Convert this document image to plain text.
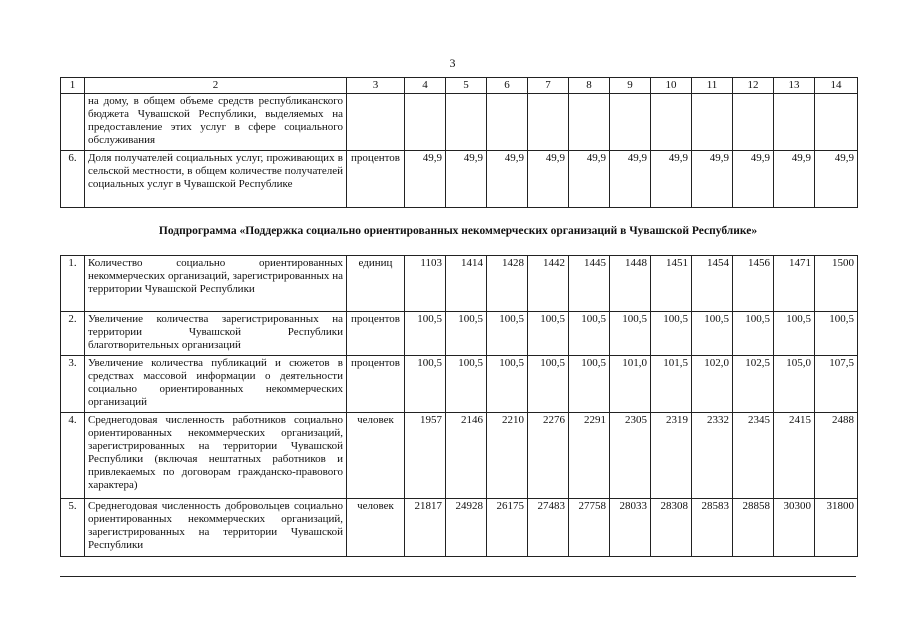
3
1	2	3	4	5	6	7	8	9	10	11	12	13	14
	на дому, в общем объеме средств республиканского бюджета Чувашской Республики, выделяемых на предоставление этих услуг в сфере социального обслуживания												
6.	Доля получателей социальных услуг, проживающих в сельской местности, в общем количестве получателей социальных услуг в Чувашской Республике	процентов	49,9	49,9	49,9	49,9	49,9	49,9	49,9	49,9	49,9	49,9	49,9
Подпрограмма «Поддержка социально ориентированных некоммерческих организаций в Чувашской Республике»
1.	Количество социально ориентированных некоммерческих организаций, зарегистрированных на территории Чувашской Республики	единиц	1103	1414	1428	1442	1445	1448	1451	1454	1456	1471	1500
2.	Увеличение количества зарегистрированных на территории Чувашской Республики благотворительных организаций	процентов	100,5	100,5	100,5	100,5	100,5	100,5	100,5	100,5	100,5	100,5	100,5
3.	Увеличение количества публикаций и сюжетов в средствах массовой информации о деятельности социально ориентированных некоммерческих организаций	процентов	100,5	100,5	100,5	100,5	100,5	101,0	101,5	102,0	102,5	105,0	107,5
4.	Среднегодовая численность работников социально ориентированных некоммерческих организаций, зарегистрированных на территории Чувашской Республики (включая нештатных работников и привлекаемых по договорам гражданско-правового характера)	человек	1957	2146	2210	2276	2291	2305	2319	2332	2345	2415	2488
5.	Среднегодовая численность добровольцев социально ориентированных некоммерческих организаций, зарегистрированных на территории Чувашской Республики	человек	21817	24928	26175	27483	27758	28033	28308	28583	28858	30300	31800
